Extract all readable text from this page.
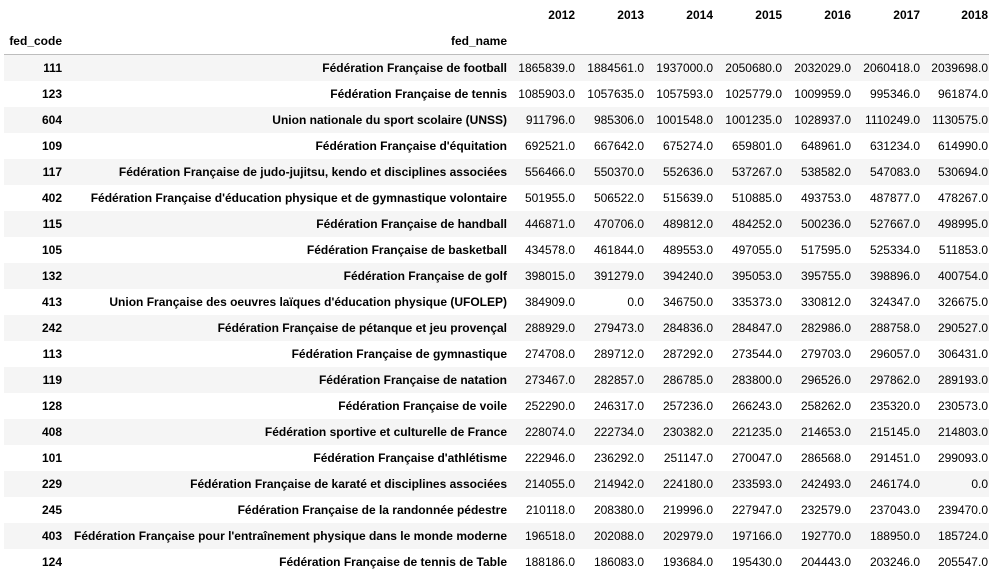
		2012	2013	2014	2015	2016	2017	2018
fed_code	fed_name							
111	Fédération Française de football	1865839.0	1884561.0	1937000.0	2050680.0	2032029.0	2060418.0	2039698.0
123	Fédération Française de tennis	1085903.0	1057635.0	1057593.0	1025779.0	1009959.0	995346.0	961874.0
604	Union nationale du sport scolaire (UNSS)	911796.0	985306.0	1001548.0	1001235.0	1028937.0	1110249.0	1130575.0
109	Fédération Française d'équitation	692521.0	667642.0	675274.0	659801.0	648961.0	631234.0	614990.0
117	Fédération Française de judo-jujitsu, kendo et disciplines associées	556466.0	550370.0	552636.0	537267.0	538582.0	547083.0	530694.0
402	Fédération Française d'éducation physique et de gymnastique volontaire	501955.0	506522.0	515639.0	510885.0	493753.0	487877.0	478267.0
115	Fédération Française de handball	446871.0	470706.0	489812.0	484252.0	500236.0	527667.0	498995.0
105	Fédération Française de basketball	434578.0	461844.0	489553.0	497055.0	517595.0	525334.0	511853.0
132	Fédération Française de golf	398015.0	391279.0	394240.0	395053.0	395755.0	398896.0	400754.0
413	Union Française des oeuvres laïques d'éducation physique (UFOLEP)	384909.0	0.0	346750.0	335373.0	330812.0	324347.0	326675.0
242	Fédération Française de pétanque et jeu provençal	288929.0	279473.0	284836.0	284847.0	282986.0	288758.0	290527.0
113	Fédération Française de gymnastique	274708.0	289712.0	287292.0	273544.0	279703.0	296057.0	306431.0
119	Fédération Française de natation	273467.0	282857.0	286785.0	283800.0	296526.0	297862.0	289193.0
128	Fédération Française de voile	252290.0	246317.0	257236.0	266243.0	258262.0	235320.0	230573.0
408	Fédération sportive et culturelle de France	228074.0	222734.0	230382.0	221235.0	214653.0	215145.0	214803.0
101	Fédération Française d'athlétisme	222946.0	236292.0	251147.0	270047.0	286568.0	291451.0	299093.0
229	Fédération Française de karaté et disciplines associées	214055.0	214942.0	224180.0	233593.0	242493.0	246174.0	0.0
245	Fédération Française de la randonnée pédestre	210118.0	208380.0	219996.0	227947.0	232579.0	237043.0	239470.0
403	Fédération Française pour l'entraînement physique dans le monde moderne	196518.0	202088.0	202979.0	197166.0	192770.0	188950.0	185724.0
124	Fédération Française de tennis de Table	188186.0	186083.0	193684.0	195430.0	204443.0	203246.0	205547.0
